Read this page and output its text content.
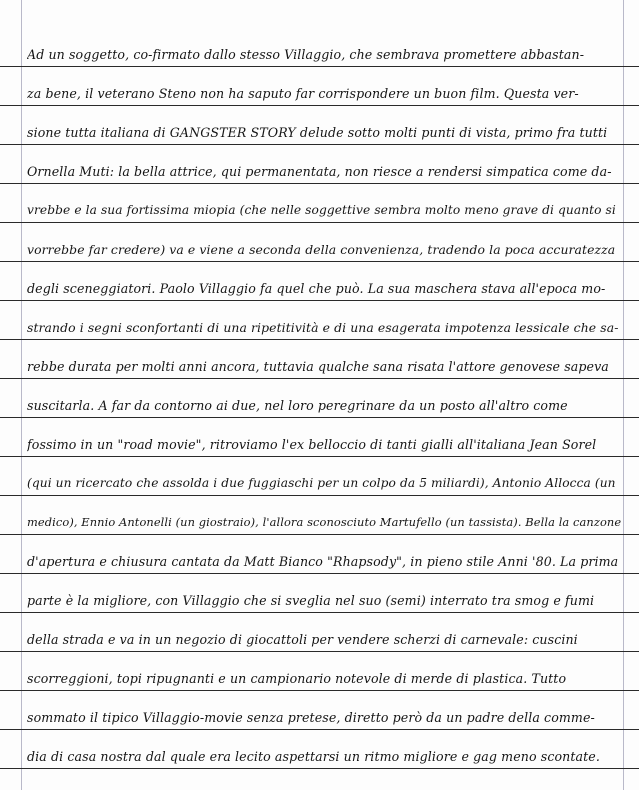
Ad un soggetto, co-firmato dallo stesso Villaggio, che sembrava promettere abbastan-
za bene, il veterano Steno non ha saputo far corrispondere un buon film. Questa ver-
sione tutta italiana di GANGSTER STORY delude sotto molti punti di vista, primo fra tutti
Ornella Muti: la bella attrice, qui permanentata, non riesce a rendersi simpatica come da-
vrebbe e la sua fortissima miopia (che nelle soggettive sembra molto meno grave di quanto si
vorrebbe far credere) va e viene a seconda della convenienza, tradendo la poca accuratezza
degli sceneggiatori. Paolo Villaggio fa quel che può. La sua maschera stava all'epoca mo-
strando i segni sconfortanti di una ripetitività e di una esagerata impotenza lessicale che sa-
rebbe durata per molti anni ancora, tuttavia qualche sana risata l'attore genovese sapeva
suscitarla. A far da contorno ai due, nel loro peregrinare da un posto all'altro come
fossimo in un "road movie", ritroviamo l'ex belloccio di tanti gialli all'italiana Jean Sorel
(qui un ricercato che assolda i due fuggiaschi per un colpo da 5 miliardi), Antonio Allocca (un
medico), Ennio Antonelli (un giostraio), l'allora sconosciuto Martufello (un tassista). Bella la canzone
d'apertura e chiusura cantata da Matt Bianco "Rhapsody", in pieno stile Anni '80. La prima
parte è la migliore, con Villaggio che si sveglia nel suo (semi) interrato tra smog e fumi
della strada e va in un negozio di giocattoli per vendere scherzi di carnevale: cuscini
scorreggioni, topi ripugnanti e un campionario notevole di merde di plastica. Tutto
sommato il tipico Villaggio-movie senza pretese, diretto però da un padre della comme-
dia di casa nostra dal quale era lecito aspettarsi un ritmo migliore e gag meno scontate.
